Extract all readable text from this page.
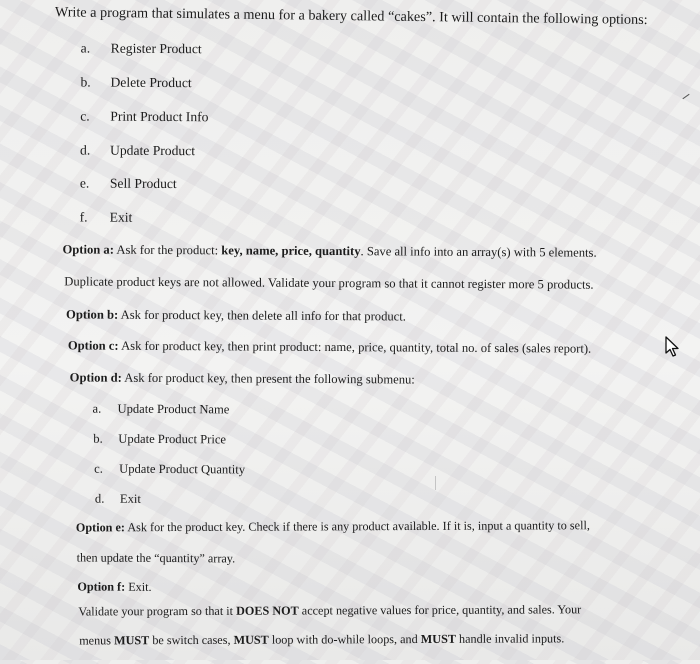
Write a program that simulates a menu for a bakery called “cakes”. It will contain the following options:
a. Register Product
b. Delete Product
c. Print Product Info
d. Update Product
e. Sell Product
f. Exit
Option a: Ask for the product: key, name, price, quantity. Save all info into an array(s) with 5 elements.
Duplicate product keys are not allowed. Validate your program so that it cannot register more 5 products.
Option b: Ask for product key, then delete all info for that product.
Option c: Ask for product key, then print product: name, price, quantity, total no. of sales (sales report).
Option d: Ask for product key, then present the following submenu:
a. Update Product Name
b. Update Product Price
c. Update Product Quantity
d. Exit
Option e: Ask for the product key. Check if there is any product available. If it is, input a quantity to sell,
then update the “quantity” array.
Option f: Exit.
Validate your program so that it DOES NOT accept negative values for price, quantity, and sales. Your
menus MUST be switch cases, MUST loop with do-while loops, and MUST handle invalid inputs.
